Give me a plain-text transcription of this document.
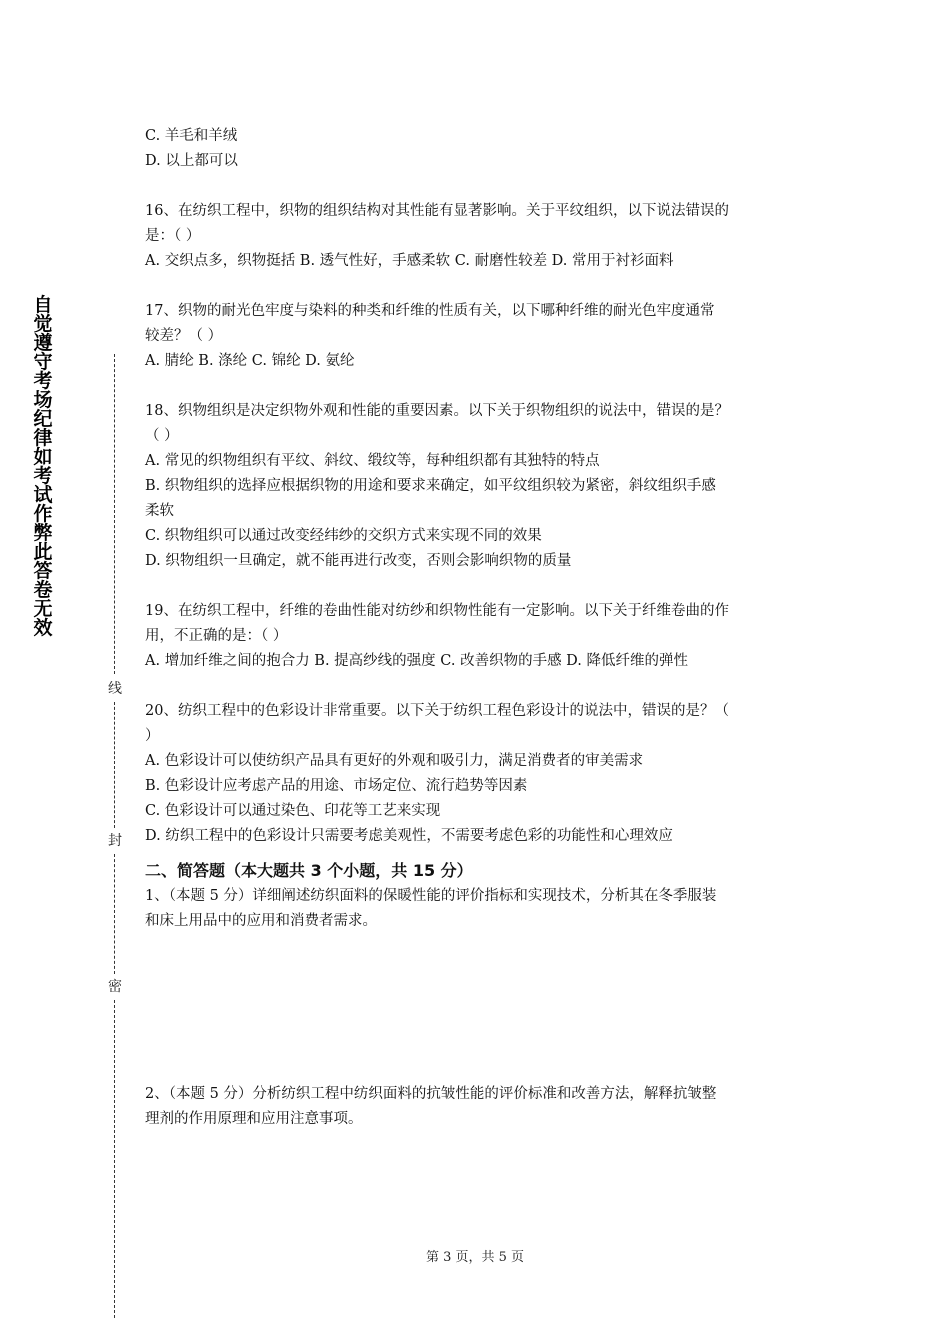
自觉遵守考场纪律如考试作弊此答卷无效
线
封
密
C. 羊毛和羊绒
D. 以上都可以
16、在纺织工程中，织物的组织结构对其性能有显著影响。关于平纹组织，以下说法错误的
是：（ ）
A. 交织点多，织物挺括 B. 透气性好，手感柔软 C. 耐磨性较差 D. 常用于衬衫面料
17、织物的耐光色牢度与染料的种类和纤维的性质有关，以下哪种纤维的耐光色牢度通常
较差？（ ）
A. 腈纶 B. 涤纶 C. 锦纶 D. 氨纶
18、织物组织是决定织物外观和性能的重要因素。以下关于织物组织的说法中，错误的是？
（ ）
A. 常见的织物组织有平纹、斜纹、缎纹等，每种组织都有其独特的特点
B. 织物组织的选择应根据织物的用途和要求来确定，如平纹组织较为紧密，斜纹组织手感
柔软
C. 织物组织可以通过改变经纬纱的交织方式来实现不同的效果
D. 织物组织一旦确定，就不能再进行改变，否则会影响织物的质量
19、在纺织工程中，纤维的卷曲性能对纺纱和织物性能有一定影响。以下关于纤维卷曲的作
用，不正确的是：（ ）
A. 增加纤维之间的抱合力 B. 提高纱线的强度 C. 改善织物的手感 D. 降低纤维的弹性
20、纺织工程中的色彩设计非常重要。以下关于纺织工程色彩设计的说法中，错误的是？（
）
A. 色彩设计可以使纺织产品具有更好的外观和吸引力，满足消费者的审美需求
B. 色彩设计应考虑产品的用途、市场定位、流行趋势等因素
C. 色彩设计可以通过染色、印花等工艺来实现
D. 纺织工程中的色彩设计只需要考虑美观性，不需要考虑色彩的功能性和心理效应
二、简答题（本大题共 3 个小题，共 15 分）
1、（本题 5 分）详细阐述纺织面料的保暖性能的评价指标和实现技术，分析其在冬季服装
和床上用品中的应用和消费者需求。
2、（本题 5 分）分析纺织工程中纺织面料的抗皱性能的评价标准和改善方法，解释抗皱整
理剂的作用原理和应用注意事项。
第 3 页，共 5 页
